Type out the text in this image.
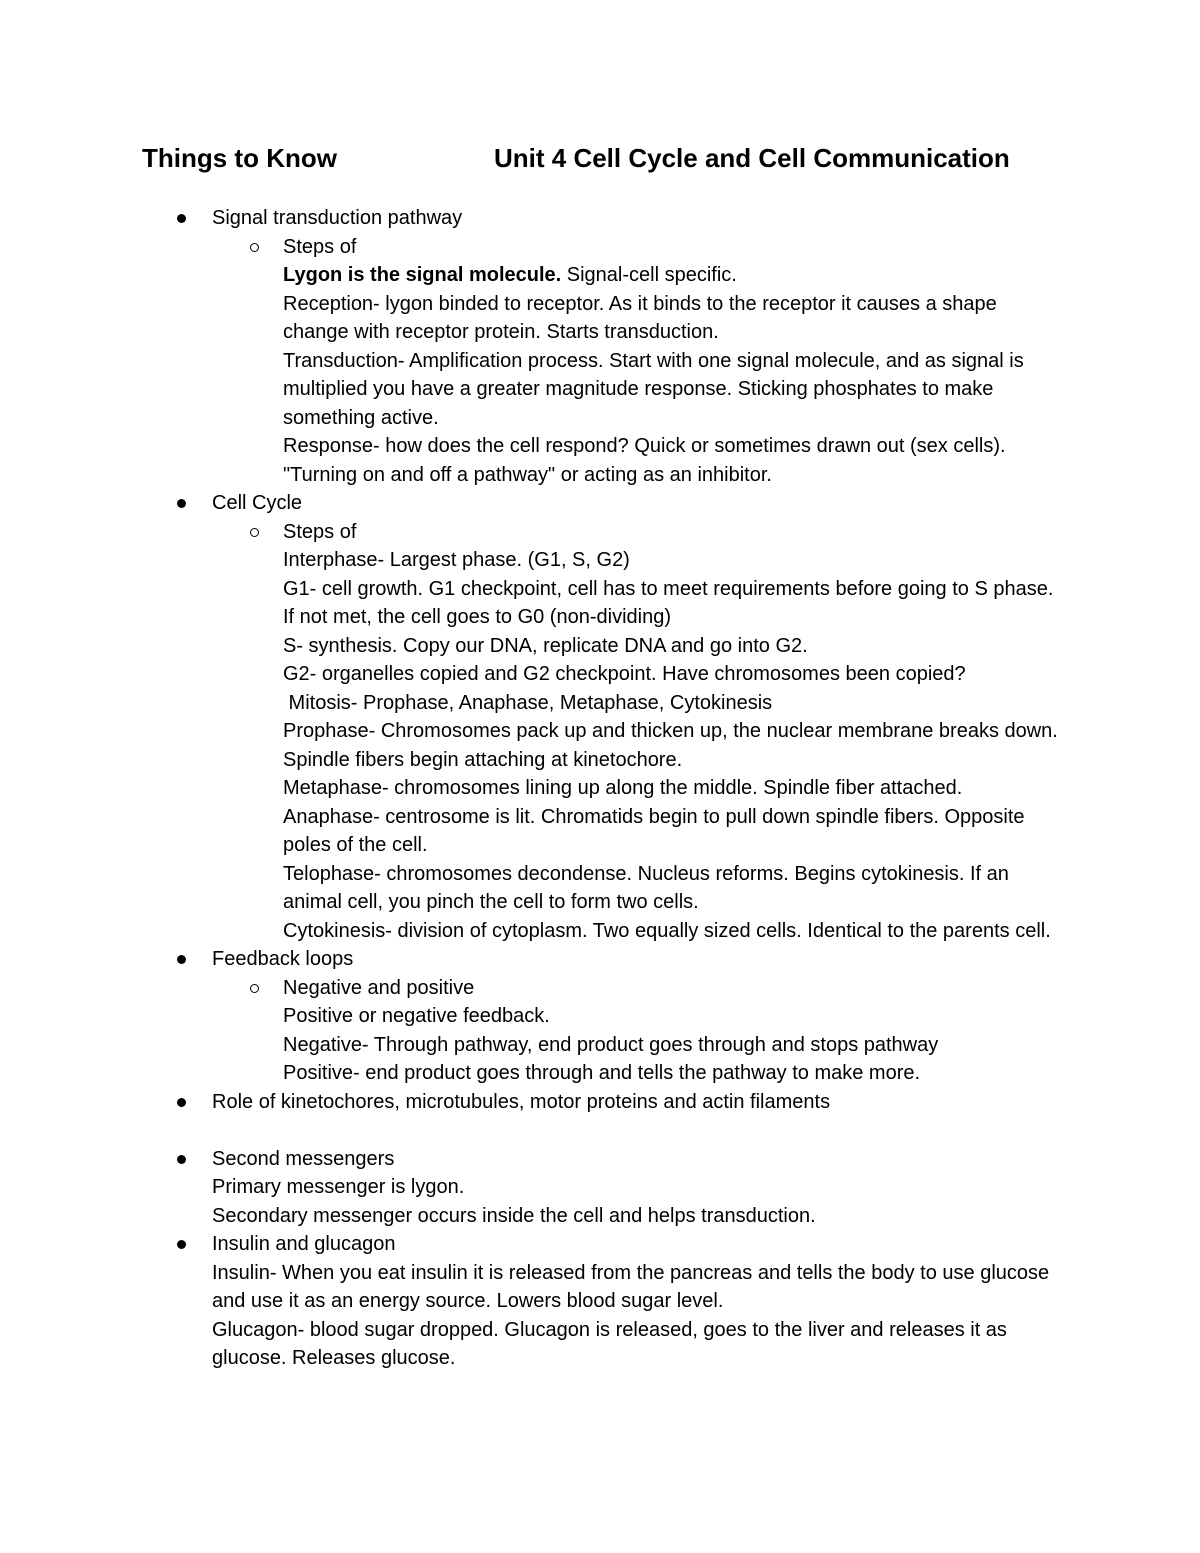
Things to Know	Unit 4 Cell Cycle and Cell Communication
Signal transduction pathway
Steps of
Lygon is the signal molecule. Signal-cell specific.
Reception- lygon binded to receptor. As it binds to the receptor it causes a shape change with receptor protein. Starts transduction.
Transduction- Amplification process. Start with one signal molecule, and as signal is multiplied you have a greater magnitude response. Sticking phosphates to make something active.
Response- how does the cell respond? Quick or sometimes drawn out (sex cells). "Turning on and off a pathway" or acting as an inhibitor.
Cell Cycle
Steps of
Interphase- Largest phase. (G1, S, G2)
G1- cell growth. G1 checkpoint, cell has to meet requirements before going to S phase. If not met, the cell goes to G0 (non-dividing)
S- synthesis. Copy our DNA, replicate DNA and go into G2.
G2- organelles copied and G2 checkpoint. Have chromosomes been copied?
Mitosis- Prophase, Anaphase, Metaphase, Cytokinesis
Prophase- Chromosomes pack up and thicken up, the nuclear membrane breaks down. Spindle fibers begin attaching at kinetochore.
Metaphase- chromosomes lining up along the middle. Spindle fiber attached.
Anaphase- centrosome is lit. Chromatids begin to pull down spindle fibers. Opposite poles of the cell.
Telophase- chromosomes decondense. Nucleus reforms. Begins cytokinesis. If an animal cell, you pinch the cell to form two cells.
Cytokinesis- division of cytoplasm. Two equally sized cells. Identical to the parents cell.
Feedback loops
Negative and positive
Positive or negative feedback.
Negative- Through pathway, end product goes through and stops pathway
Positive- end product goes through and tells the pathway to make more.
Role of kinetochores, microtubules, motor proteins and actin filaments
Second messengers
Primary messenger is lygon.
Secondary messenger occurs inside the cell and helps transduction.
Insulin and glucagon
Insulin- When you eat insulin it is released from the pancreas and tells the body to use glucose and use it as an energy source. Lowers blood sugar level.
Glucagon- blood sugar dropped. Glucagon is released, goes to the liver and releases it as glucose. Releases glucose.
